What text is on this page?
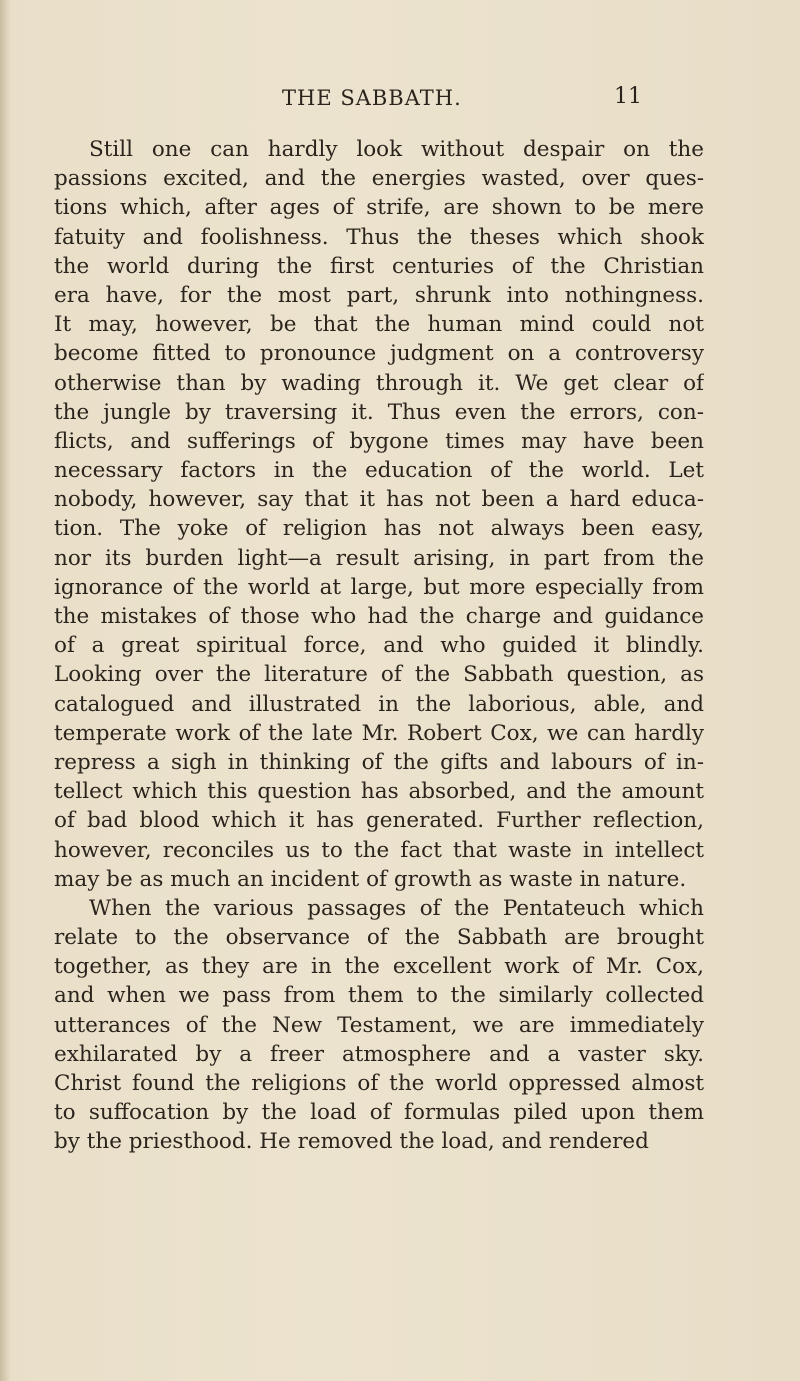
THE SABBATH.	11
Still one can hardly look without despair on the
passions excited, and the energies wasted, over ques-
tions which, after ages of strife, are shown to be mere
fatuity and foolishness. Thus the theses which shook
the world during the first centuries of the Christian
era have, for the most part, shrunk into nothingness.
It may, however, be that the human mind could not
become fitted to pronounce judgment on a controversy
otherwise than by wading through it. We get clear of
the jungle by traversing it. Thus even the errors, con-
flicts, and sufferings of bygone times may have been
necessary factors in the education of the world. Let
nobody, however, say that it has not been a hard educa-
tion. The yoke of religion has not always been easy,
nor its burden light—a result arising, in part from the
ignorance of the world at large, but more especially from
the mistakes of those who had the charge and guidance
of a great spiritual force, and who guided it blindly.
Looking over the literature of the Sabbath question, as
catalogued and illustrated in the laborious, able, and
temperate work of the late Mr. Robert Cox, we can hardly
repress a sigh in thinking of the gifts and labours of in-
tellect which this question has absorbed, and the amount
of bad blood which it has generated. Further reflection,
however, reconciles us to the fact that waste in intellect
may be as much an incident of growth as waste in nature.
When the various passages of the Pentateuch which
relate to the observance of the Sabbath are brought
together, as they are in the excellent work of Mr. Cox,
and when we pass from them to the similarly collected
utterances of the New Testament, we are immediately
exhilarated by a freer atmosphere and a vaster sky.
Christ found the religions of the world oppressed almost
to suffocation by the load of formulas piled upon them
by the priesthood. He removed the load, and rendered
